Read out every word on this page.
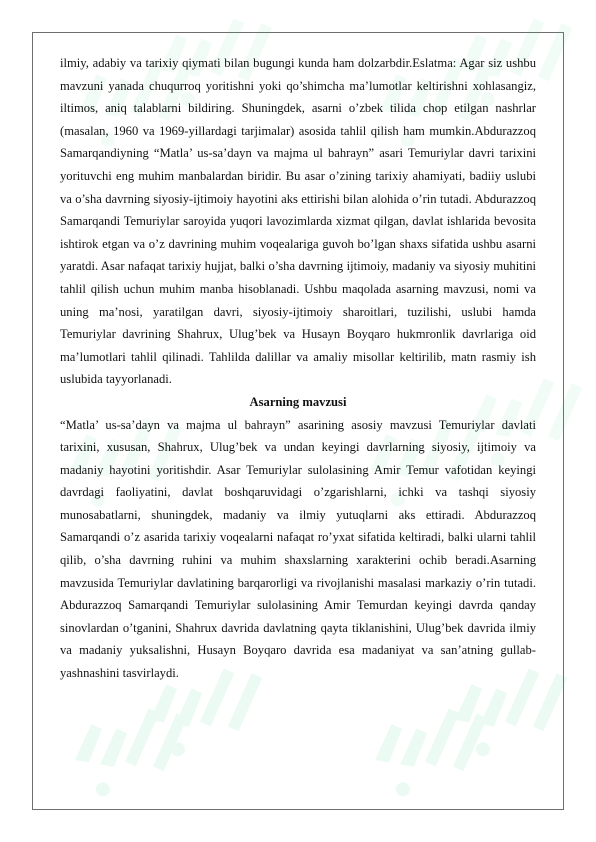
ilmiy, adabiy va tarixiy qiymati bilan bugungi kunda ham dolzarbdir.Eslatma: Agar siz ushbu mavzuni yanada chuqurroq yoritishni yoki qo’shimcha ma’lumotlar keltirishni xohlasangiz, iltimos, aniq talablarni bildiring. Shuningdek, asarni o’zbek tilida chop etilgan nashrlar (masalan, 1960 va 1969-yillardagi tarjimalar) asosida tahlil qilish ham mumkin.Abdurazzoq Samarqandiyning “Matla’ us-sa’dayn va majma ul bahrayn” asari Temuriylar davri tarixini yorituvchi eng muhim manbalardan biridir. Bu asar o’zining tarixiy ahamiyati, badiiy uslubi va o’sha davrning siyosiy-ijtimoiy hayotini aks ettirishi bilan alohida o’rin tutadi. Abdurazzoq Samarqandi Temuriylar saroyida yuqori lavozimlarda xizmat qilgan, davlat ishlarida bevosita ishtirok etgan va o’z davrining muhim voqealariga guvoh bo’lgan shaxs sifatida ushbu asarni yaratdi. Asar nafaqat tarixiy hujjat, balki o’sha davrning ijtimoiy, madaniy va siyosiy muhitini tahlil qilish uchun muhim manba hisoblanadi. Ushbu maqolada asarning mavzusi, nomi va uning ma’nosi, yaratilgan davri, siyosiy-ijtimoiy sharoitlari, tuzilishi, uslubi hamda Temuriylar davrining Shahrux, Ulug’bek va Husayn Boyqaro hukmronlik davrlariga oid ma’lumotlari tahlil qilinadi. Tahlilda dalillar va amaliy misollar keltirilib, matn rasmiy ish uslubida tayyorlanadi.

Asarning mavzusi

“Matla’ us-sa’dayn va majma ul bahrayn” asarining asosiy mavzusi Temuriylar davlati tarixini, xususan, Shahrux, Ulug’bek va undan keyingi davrlarning siyosiy, ijtimoiy va madaniy hayotini yoritishdir. Asar Temuriylar sulolasining Amir Temur vafotidan keyingi davrdagi faoliyatini, davlat boshqaruvidagi o’zgarishlarni, ichki va tashqi siyosiy munosabatlarni, shuningdek, madaniy va ilmiy yutuqlarni aks ettiradi. Abdurazzoq Samarqandi o’z asarida tarixiy voqealarni nafaqat ro’yxat sifatida keltiradi, balki ularni tahlil qilib, o’sha davrning ruhini va muhim shaxslarning xarakterini ochib beradi.Asarning mavzusida Temuriylar davlatining barqarorligi va rivojlanishi masalasi markaziy o’rin tutadi. Abdurazzoq Samarqandi Temuriylar sulolasining Amir Temurdan keyingi davrda qanday sinovlardan o’tganini, Shahrux davrida davlatning qayta tiklanishini, Ulug’bek davrida ilmiy va madaniy yuksalishni, Husayn Boyqaro davrida esa madaniyat va san’atning gullab-yashnashini tasvirlaydi.
